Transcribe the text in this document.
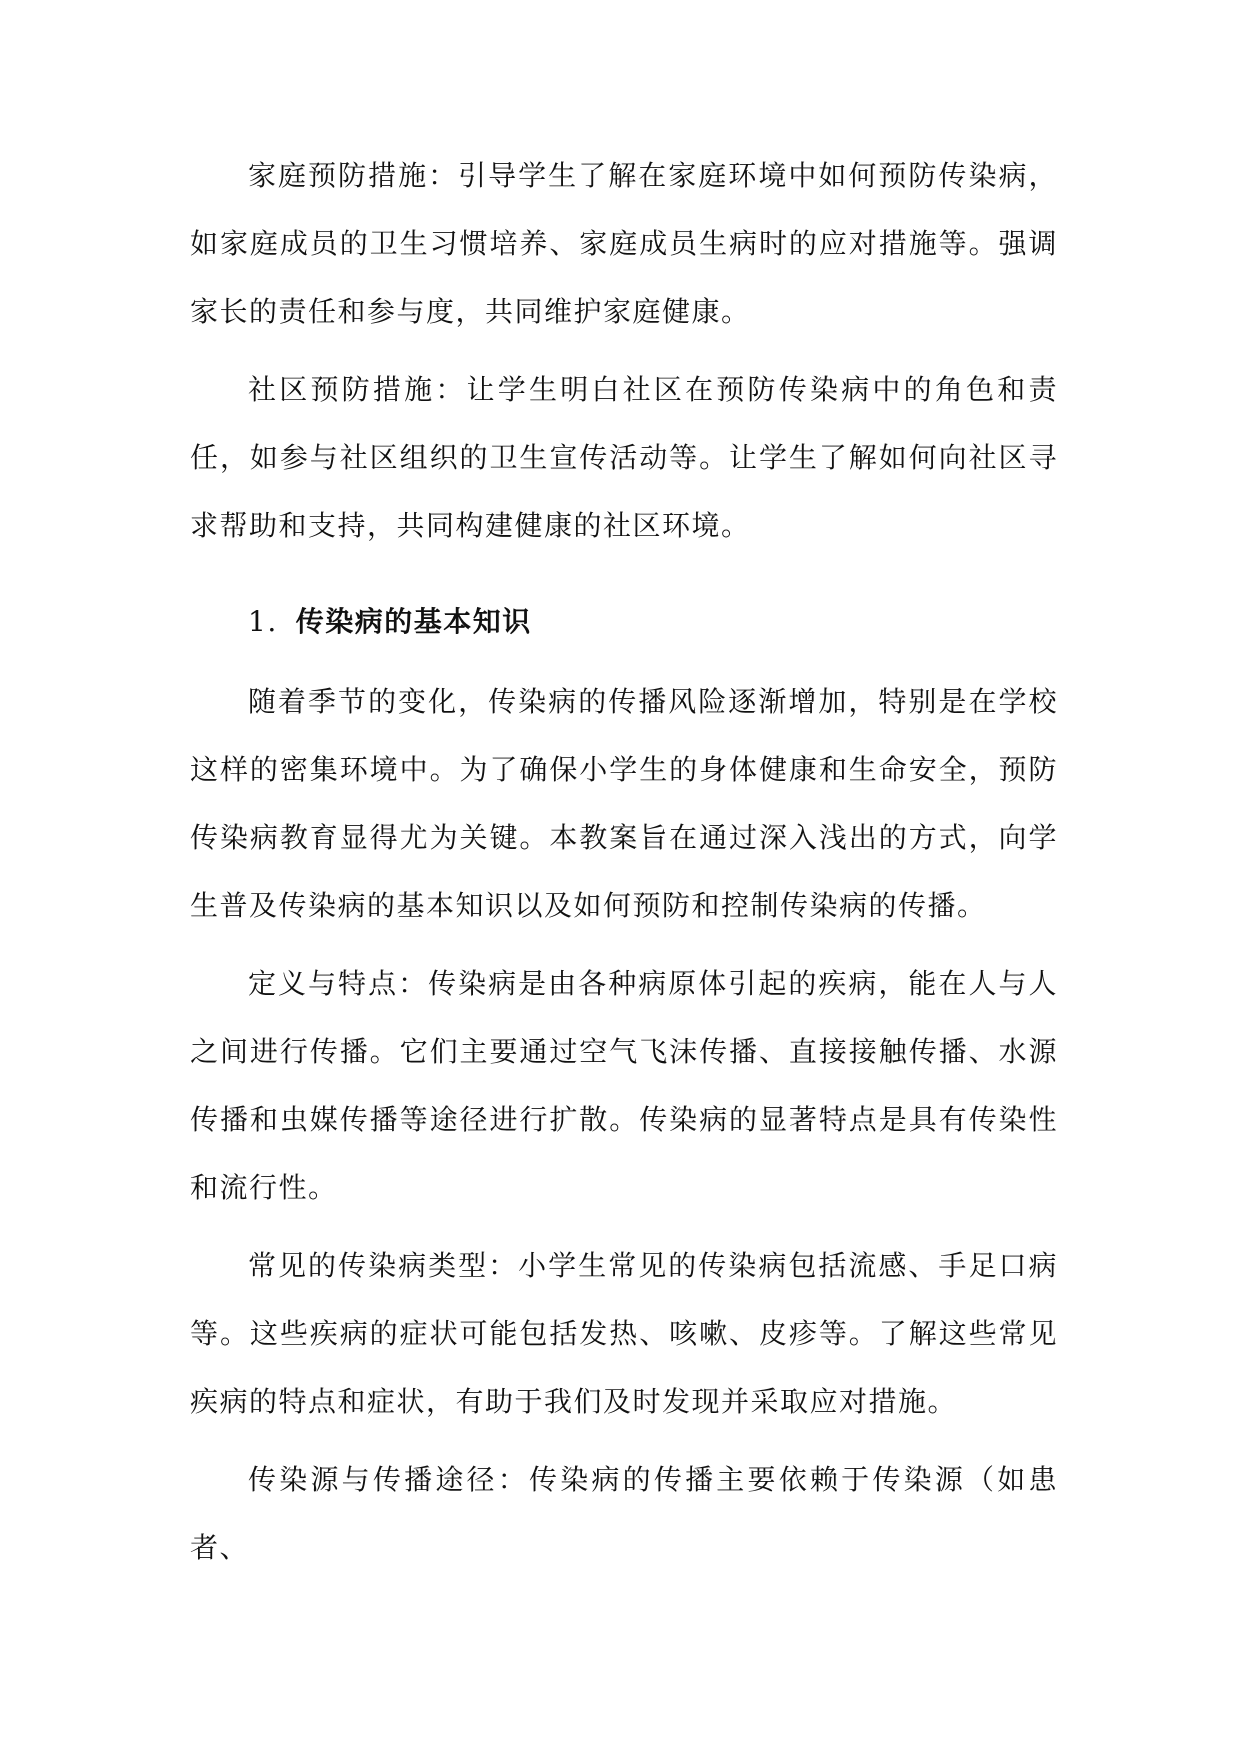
家庭预防措施：引导学生了解在家庭环境中如何预防传染病，如家庭成员的卫生习惯培养、家庭成员生病时的应对措施等。强调家长的责任和参与度，共同维护家庭健康。

社区预防措施：让学生明白社区在预防传染病中的角色和责任，如参与社区组织的卫生宣传活动等。让学生了解如何向社区寻求帮助和支持，共同构建健康的社区环境。

1. 传染病的基本知识

随着季节的变化，传染病的传播风险逐渐增加，特别是在学校这样的密集环境中。为了确保小学生的身体健康和生命安全，预防传染病教育显得尤为关键。本教案旨在通过深入浅出的方式，向学生普及传染病的基本知识以及如何预防和控制传染病的传播。

定义与特点：传染病是由各种病原体引起的疾病，能在人与人之间进行传播。它们主要通过空气飞沫传播、直接接触传播、水源传播和虫媒传播等途径进行扩散。传染病的显著特点是具有传染性和流行性。

常见的传染病类型：小学生常见的传染病包括流感、手足口病等。这些疾病的症状可能包括发热、咳嗽、皮疹等。了解这些常见疾病的特点和症状，有助于我们及时发现并采取应对措施。

传染源与传播途径：传染病的传播主要依赖于传染源（如患者、
